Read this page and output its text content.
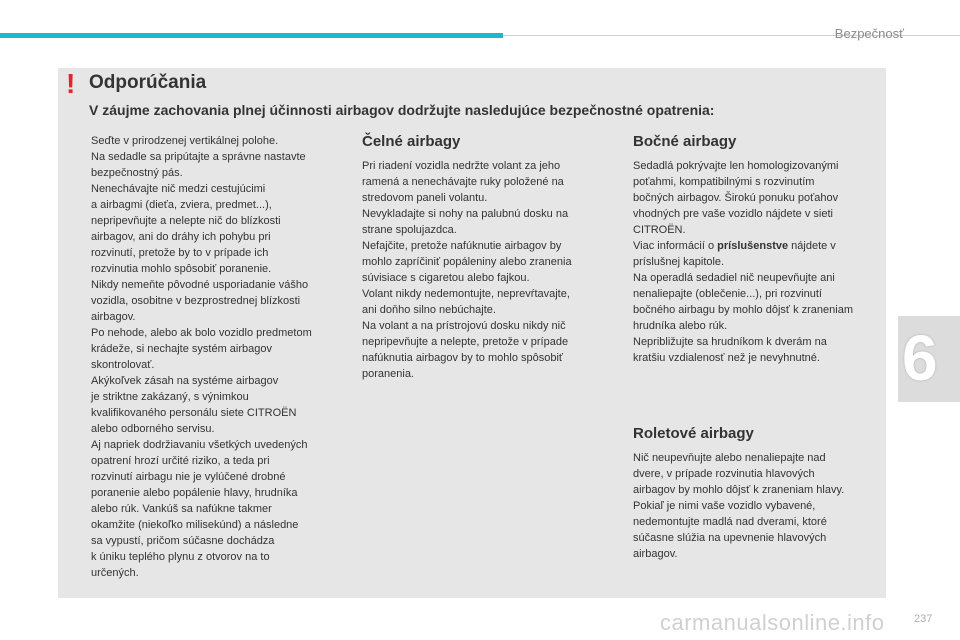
Bezpečnosť
6
! Odporúčania
V záujme zachovania plnej účinnosti airbagov dodržujte nasledujúce bezpečnostné opatrenia:

Seďte v prirodzenej vertikálnej polohe.

Na sedadle sa pripútajte a správne nastavte

bezpečnostný pás.

Nenechávajte nič medzi cestujúcimi

a airbagmi (dieťa, zviera, predmet...),

nepripevňujte a nelepte nič do blízkosti

airbagov, ani do dráhy ich pohybu pri

rozvinutí, pretože by to v prípade ich

rozvinutia mohlo spôsobiť poranenie.

Nikdy nemeňte pôvodné usporiadanie vášho

vozidla, osobitne v bezprostrednej blízkosti

airbagov.

Po nehode, alebo ak bolo vozidlo predmetom

krádeže, si nechajte systém airbagov

skontrolovať.

Akýkoľvek zásah na systéme airbagov

je striktne zakázaný, s výnimkou

kvalifikovaného personálu siete CITROËN

alebo odborného servisu.

Aj napriek dodržiavaniu všetkých uvedených

opatrení hrozí určité riziko, a teda pri

rozvinutí airbagu nie je vylúčené drobné

poranenie alebo popálenie hlavy, hrudníka

alebo rúk. Vankúš sa nafúkne takmer

okamžite (niekoľko milisekúnd) a následne

sa vypustí, pričom súčasne dochádza

k úniku teplého plynu z otvorov na to

určených.

Čelné airbagy

Pri riadení vozidla nedržte volant za jeho

ramená a nenechávajte ruky položené na

stredovom paneli volantu.

Nevykladajte si nohy na palubnú dosku na

strane spolujazdca.

Nefajčite, pretože nafúknutie airbagov by

mohlo zapríčiniť popáleniny alebo zranenia

súvisiace s cigaretou alebo fajkou.

Volant nikdy nedemontujte, neprevŕtavajte,

ani doňho silno nebúchajte.

Na volant a na prístrojovú dosku nikdy nič

nepripevňujte a nelepte, pretože v prípade

nafúknutia airbagov by to mohlo spôsobiť

poranenia.

Bočné airbagy

Sedadlá pokrývajte len homologizovanými

poťahmi, kompatibilnými s rozvinutím

bočných airbagov. Širokú ponuku poťahov

vhodných pre vaše vozidlo nájdete v sieti

CITROËN.

Viac informácií o príslušenstve nájdete v

príslušnej kapitole.

Na operadlá sedadiel nič neupevňujte ani

nenaliepajte (oblečenie...), pri rozvinutí

bočného airbagu by mohlo dôjsť k zraneniam

hrudníka alebo rúk.

Nepribližujte sa hrudníkom k dverám na

kratšiu vzdialenosť než je nevyhnutné.

Roletové airbagy

Nič neupevňujte alebo nenaliepajte nad

dvere, v prípade rozvinutia hlavových

airbagov by mohlo dôjsť k zraneniam hlavy.

Pokiaľ je nimi vaše vozidlo vybavené,

nedemontujte madlá nad dverami, ktoré

súčasne slúžia na upevnenie hlavových

airbagov.

carmanualsonline.info	237
